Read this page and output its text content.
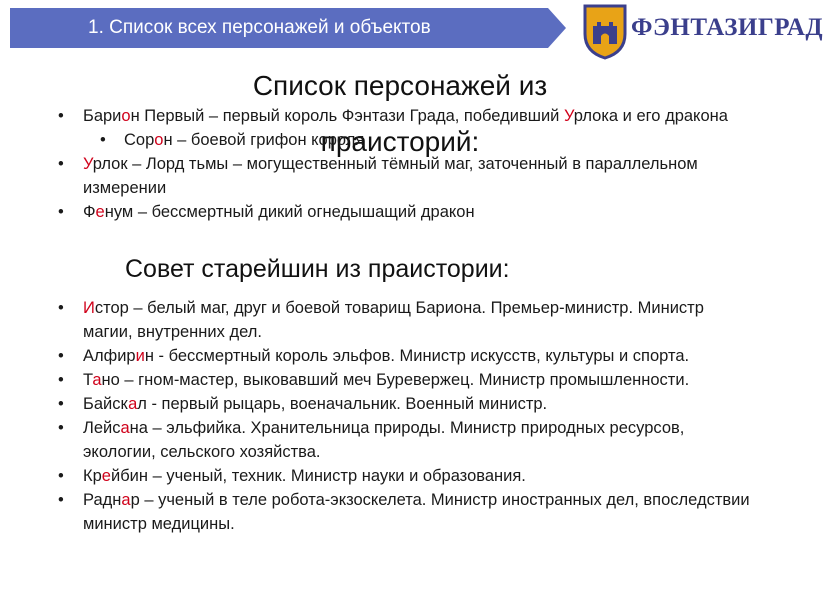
1. Список всех персонажей и объектов	ФЭНТАЗИГРАД
Список персонажей из праисторий:
• Барион Первый – первый король Фэнтази Града, победивший Урлока и его дракона
• Сорон – боевой грифон короля
• Урлок – Лорд тьмы – могущественный тёмный маг, заточенный в параллельном измерении
• Фенум – бессмертный дикий огнедышащий дракон
Совет старейшин из праистории:
• Истор – белый маг, друг и боевой товарищ Бариона. Премьер-министр. Министр магии, внутренних дел.
• Алфирин - бессмертный король эльфов. Министр искусств, культуры и спорта.
• Тано – гном-мастер, выковавший меч Буревержец. Министр промышленности.
• Байскал - первый рыцарь, военачальник. Военный министр.
• Лейсана – эльфийка. Хранительница природы. Министр природных ресурсов, экологии, сельского хозяйства.
• Крейбин – ученый, техник. Министр науки и образования.
• Раднар – ученый в теле робота-экзоскелета. Министр иностранных дел, впоследствии министр медицины.
